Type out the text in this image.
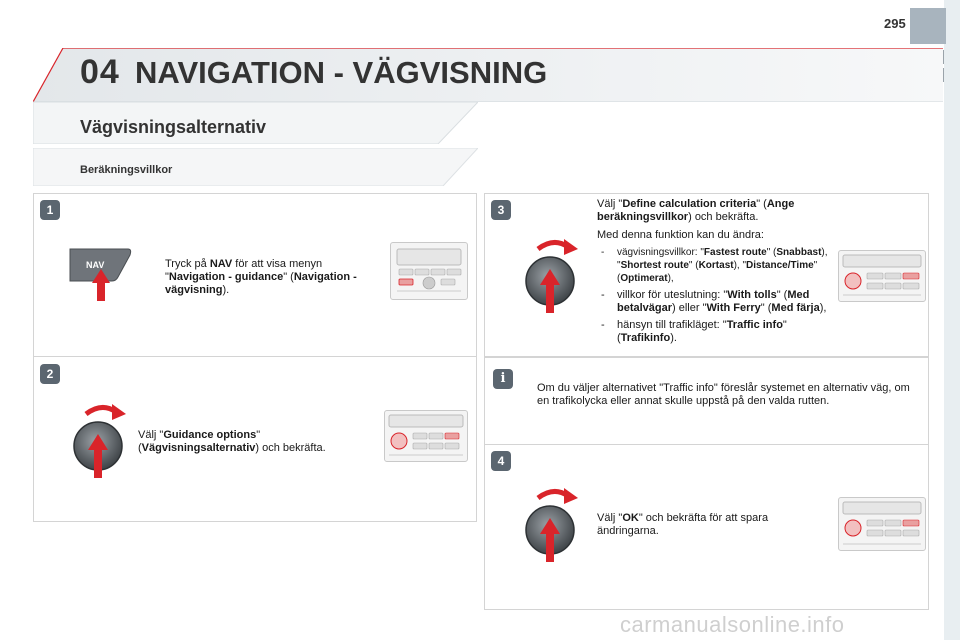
295
04 NAVIGATION - VÄGVISNING
Vägvisningsalternativ
Beräkningsvillkor
1
NAV	Tryck på NAV för att visa menyn "Navigation - guidance" (Navigation - vägvisning).
2
Välj "Guidance options" (Vägvisningsalternativ) och bekräfta.
3	Välj "Define calculation criteria" (Ange beräkningsvillkor) och bekräfta.
Med denna funktion kan du ändra:
- vägvisningsvillkor: "Fastest route" (Snabbast), "Shortest route" (Kortast), "Distance/Time" (Optimerat),
- villkor för uteslutning: "With tolls" (Med betalvägar) eller "With Ferry" (Med färja),
- hänsyn till trafikläget: "Traffic info" (Trafikinfo).
i
Om du väljer alternativet "Traffic info" föreslår systemet en alternativ väg, om en trafikolycka eller annat skulle uppstå på den valda rutten.
4
Välj "OK" och bekräfta för att spara ändringarna.
carmanualsonline.info
